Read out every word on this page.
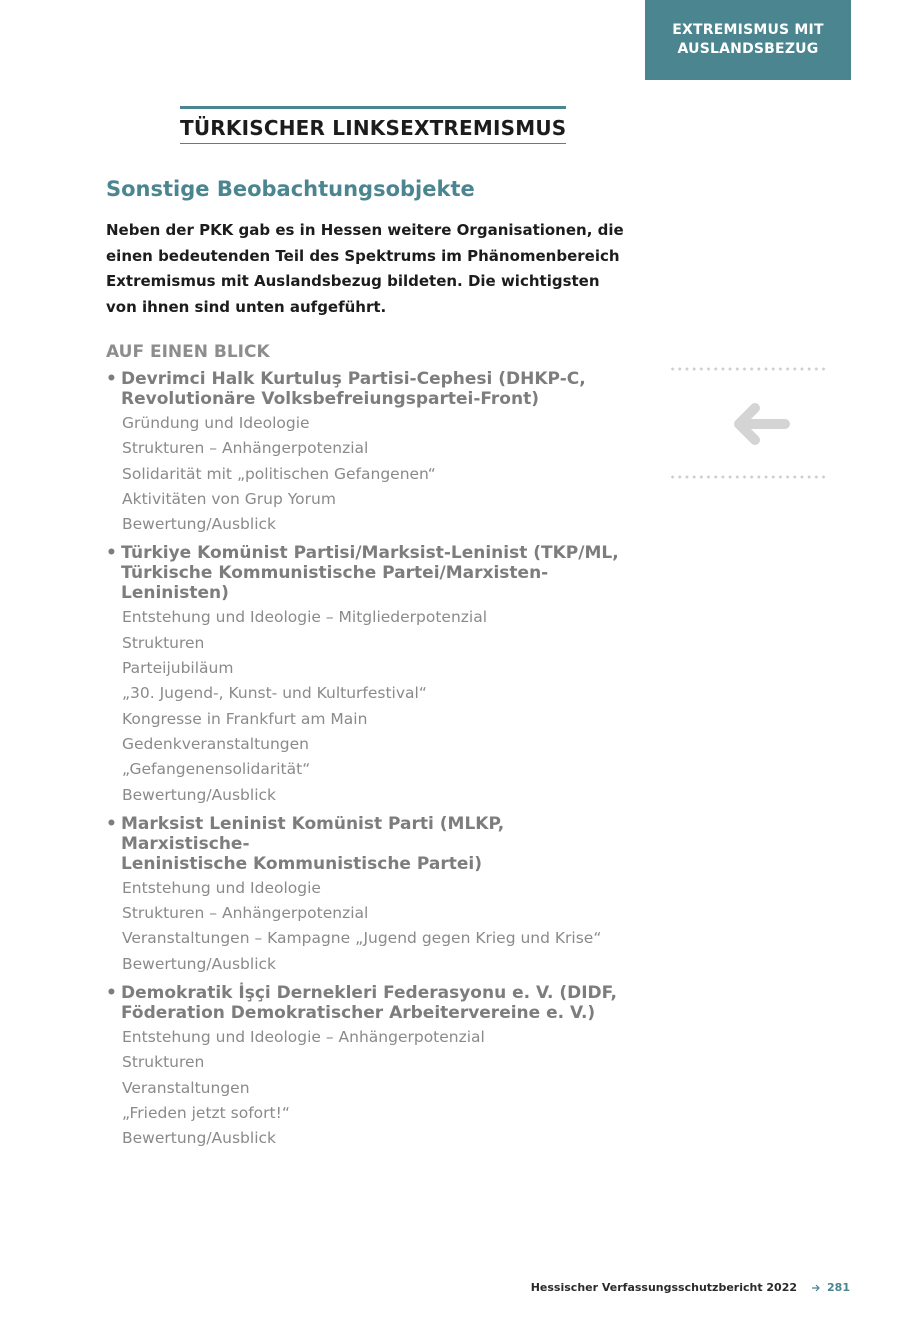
EXTREMISMUS MIT
AUSLANDSBEZUG
TÜRKISCHER LINKSEXTREMISMUS
Sonstige Beobachtungsobjekte

Neben der PKK gab es in Hessen weitere Organisationen, die einen bedeutenden Teil des Spektrums im Phänomenbereich Extremismus mit Auslandsbezug bildeten. Die wichtigsten von ihnen sind unten aufgeführt.

AUF EINEN BLICK
• Devrimci Halk Kurtuluş Partisi-Cephesi (DHKP-C,
Revolutionäre Volksbefreiungspartei-Front)
Gründung und Ideologie
Strukturen – Anhängerpotenzial
Solidarität mit „politischen Gefangenen“
Aktivitäten von Grup Yorum
Bewertung/Ausblick
• Türkiye Komünist Partisi/Marksist-Leninist (TKP/ML,
Türkische Kommunistische Partei/Marxisten-Leninisten)
Entstehung und Ideologie – Mitgliederpotenzial
Strukturen
Parteijubiläum
„30. Jugend-, Kunst- und Kulturfestival“
Kongresse in Frankfurt am Main
Gedenkveranstaltungen
„Gefangenensolidarität“
Bewertung/Ausblick
• Marksist Leninist Komünist Parti (MLKP, Marxistische-
Leninistische Kommunistische Partei)
Entstehung und Ideologie
Strukturen – Anhängerpotenzial
Veranstaltungen – Kampagne „Jugend gegen Krieg und Krise“
Bewertung/Ausblick
• Demokratik İşçi Dernekleri Federasyonu e. V. (DIDF,
Föderation Demokratischer Arbeitervereine e. V.)
Entstehung und Ideologie – Anhängerpotenzial
Strukturen
Veranstaltungen
„Frieden jetzt sofort!“
Bewertung/Ausblick
Hessischer Verfassungsschutzbericht 2022	281
